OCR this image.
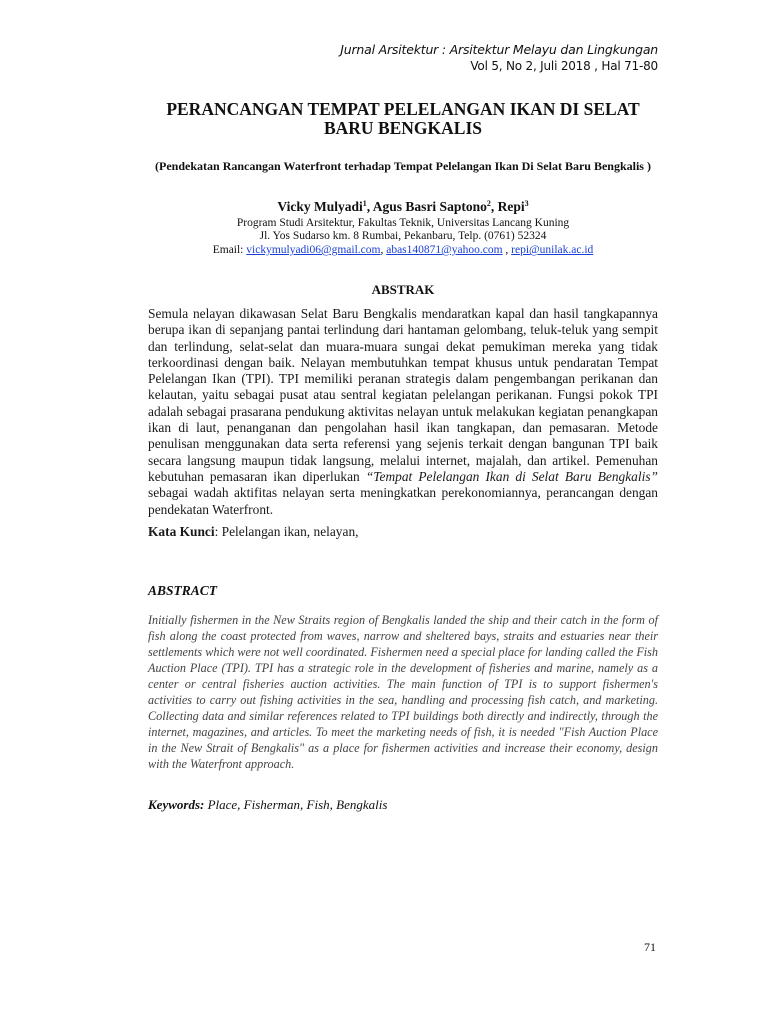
Jurnal Arsitektur : Arsitektur Melayu dan Lingkungan
Vol 5, No 2, Juli 2018 , Hal 71-80
PERANCANGAN TEMPAT PELELANGAN IKAN DI SELAT BARU BENGKALIS
(Pendekatan Rancangan Waterfront terhadap Tempat Pelelangan Ikan Di Selat Baru Bengkalis )
Vicky Mulyadi$^1$, Agus Basri Saptono$^2$, Repi$^3$
Program Studi Arsitektur, Fakultas Teknik, Universitas Lancang Kuning
Jl. Yos Sudarso km. 8 Rumbai, Pekanbaru, Telp. (0761) 52324
Email: vickymulyadi06@gmail.com, abas140871@yahoo.com , repi@unilak.ac.id
ABSTRAK
Semula nelayan dikawasan Selat Baru Bengkalis mendaratkan kapal dan hasil tangkapannya berupa ikan di sepanjang pantai terlindung dari hantaman gelombang, teluk-teluk yang sempit dan terlindung, selat-selat dan muara-muara sungai dekat pemukiman mereka yang tidak terkoordinasi dengan baik. Nelayan membutuhkan tempat khusus untuk pendaratan Tempat Pelelangan Ikan (TPI). TPI memiliki peranan strategis dalam pengembangan perikanan dan kelautan, yaitu sebagai pusat atau sentral kegiatan pelelangan perikanan. Fungsi pokok TPI adalah sebagai prasarana pendukung aktivitas nelayan untuk melakukan kegiatan penangkapan ikan di laut, penanganan dan pengolahan hasil ikan tangkapan, dan pemasaran. Metode penulisan menggunakan data serta referensi yang sejenis terkait dengan bangunan TPI baik secara langsung maupun tidak langsung, melalui internet, majalah, dan artikel. Pemenuhan kebutuhan pemasaran ikan diperlukan “Tempat Pelelangan Ikan di Selat Baru Bengkalis” sebagai wadah aktifitas nelayan serta meningkatkan perekonomiannya, perancangan dengan pendekatan Waterfront.
Kata Kunci: Pelelangan ikan, nelayan,
ABSTRACT
Initially fishermen in the New Straits region of Bengkalis landed the ship and their catch in the form of fish along the coast protected from waves, narrow and sheltered bays, straits and estuaries near their settlements which were not well coordinated. Fishermen need a special place for landing called the Fish Auction Place (TPI). TPI has a strategic role in the development of fisheries and marine, namely as a center or central fisheries auction activities. The main function of TPI is to support fishermen's activities to carry out fishing activities in the sea, handling and processing fish catch, and marketing. Collecting data and similar references related to TPI buildings both directly and indirectly, through the internet, magazines, and articles. To meet the marketing needs of fish, it is needed "Fish Auction Place in the New Strait of Bengkalis" as a place for fishermen activities and increase their economy, design with the Waterfront approach.
Keywords: Place, Fisherman, Fish, Bengkalis
71
